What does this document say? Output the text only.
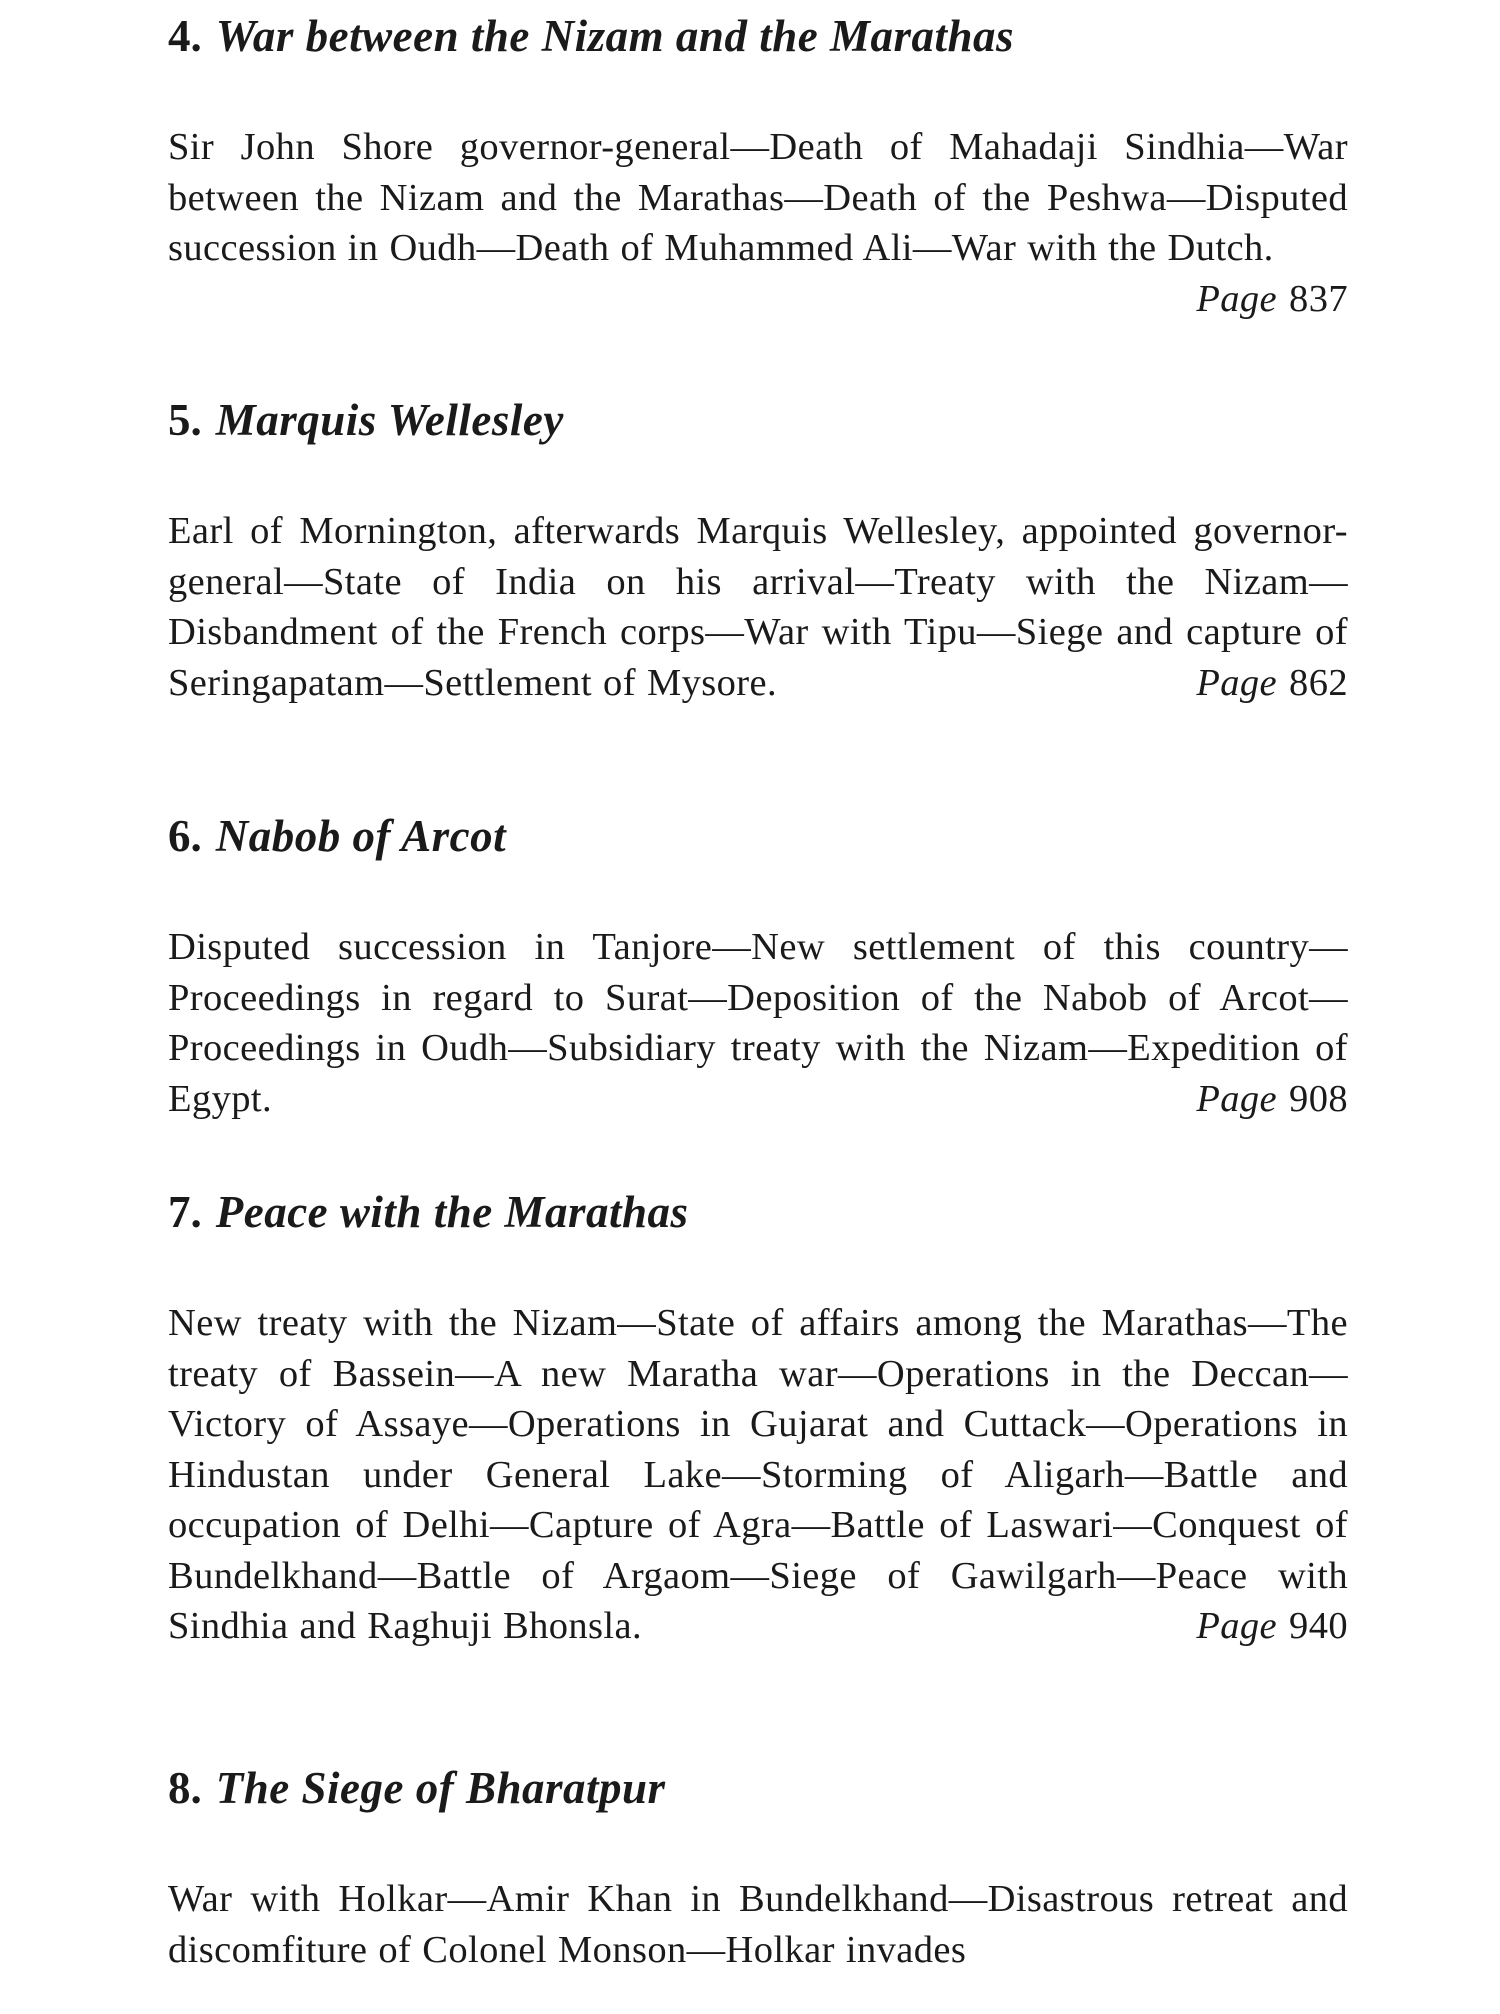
4. War between the Nizam and the Marathas

Sir John Shore governor-general—Death of Mahadaji Sindhia—War between the Nizam and the Marathas—Death of the Peshwa—Disputed succession in Oudh—Death of Muhammed Ali—War with the Dutch.
Page 837

5. Marquis Wellesley

Earl of Mornington, afterwards Marquis Wellesley, appointed governor-general—State of India on his arrival—Treaty with the Nizam—Disbandment of the French corps—War with Tipu—Siege and capture of Seringapatam—Settlement of Mysore.	Page 862

6. Nabob of Arcot

Disputed succession in Tanjore—New settlement of this country—Proceedings in regard to Surat—Deposition of the Nabob of Arcot—Proceedings in Oudh—Subsidiary treaty with the Nizam—Expedition of Egypt.	Page 908

7. Peace with the Marathas

New treaty with the Nizam—State of affairs among the Marathas—The treaty of Bassein—A new Maratha war—Operations in the Deccan—Victory of Assaye—Operations in Gujarat and Cuttack—Operations in Hindustan under General Lake—Storming of Aligarh—Battle and occupation of Delhi—Capture of Agra—Battle of Laswari—Conquest of Bundelkhand—Battle of Argaom—Siege of Gawilgarh—Peace with Sindhia and Raghuji Bhonsla.	Page 940

8. The Siege of Bharatpur

War with Holkar—Amir Khan in Bundelkhand—Disastrous retreat and discomfiture of Colonel Monson—Holkar invades
